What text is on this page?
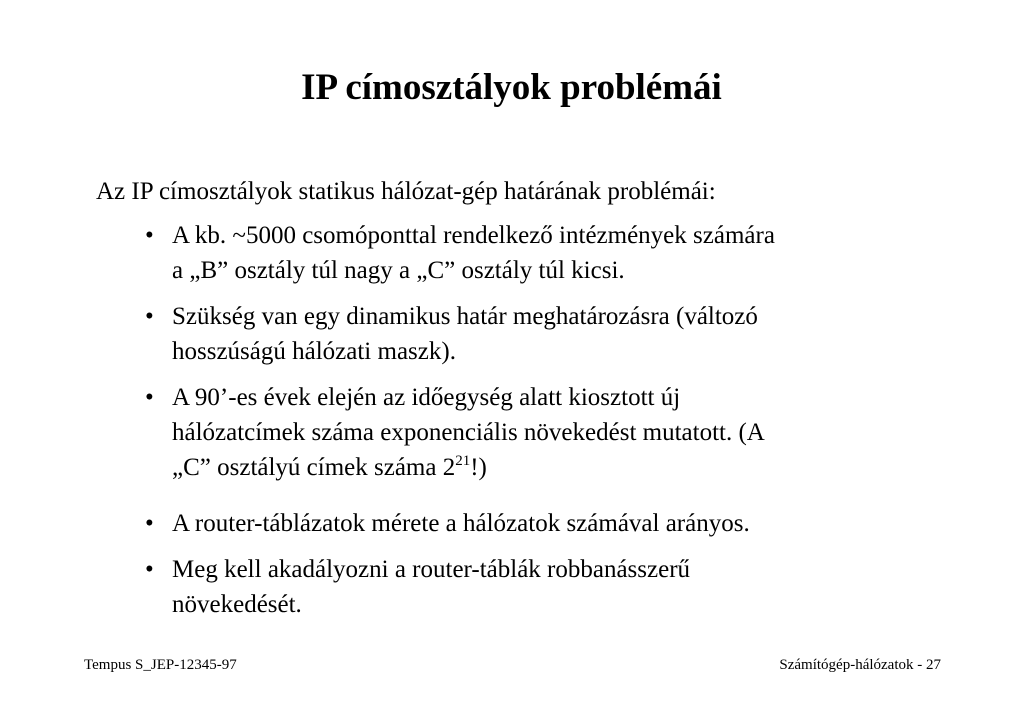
IP címosztályok problémái
Az IP címosztályok statikus hálózat-gép határának problémái:
• A kb. ~5000 csomóponttal rendelkező intézmények számára
a „B” osztály túl nagy a „C” osztály túl kicsi.
• Szükség van egy dinamikus határ meghatározásra (változó
hosszúságú hálózati maszk).
• A 90’-es évek elején az időegység alatt kiosztott új
hálózatcímek száma exponenciális növekedést mutatott. (A
„C” osztályú címek száma $2^{21}$!)
• A router-táblázatok mérete a hálózatok számával arányos.
• Meg kell akadályozni a router-táblák robbanásszerű
növekedését.
Tempus S_JEP-12345-97	Számítógép-hálózatok - 27
